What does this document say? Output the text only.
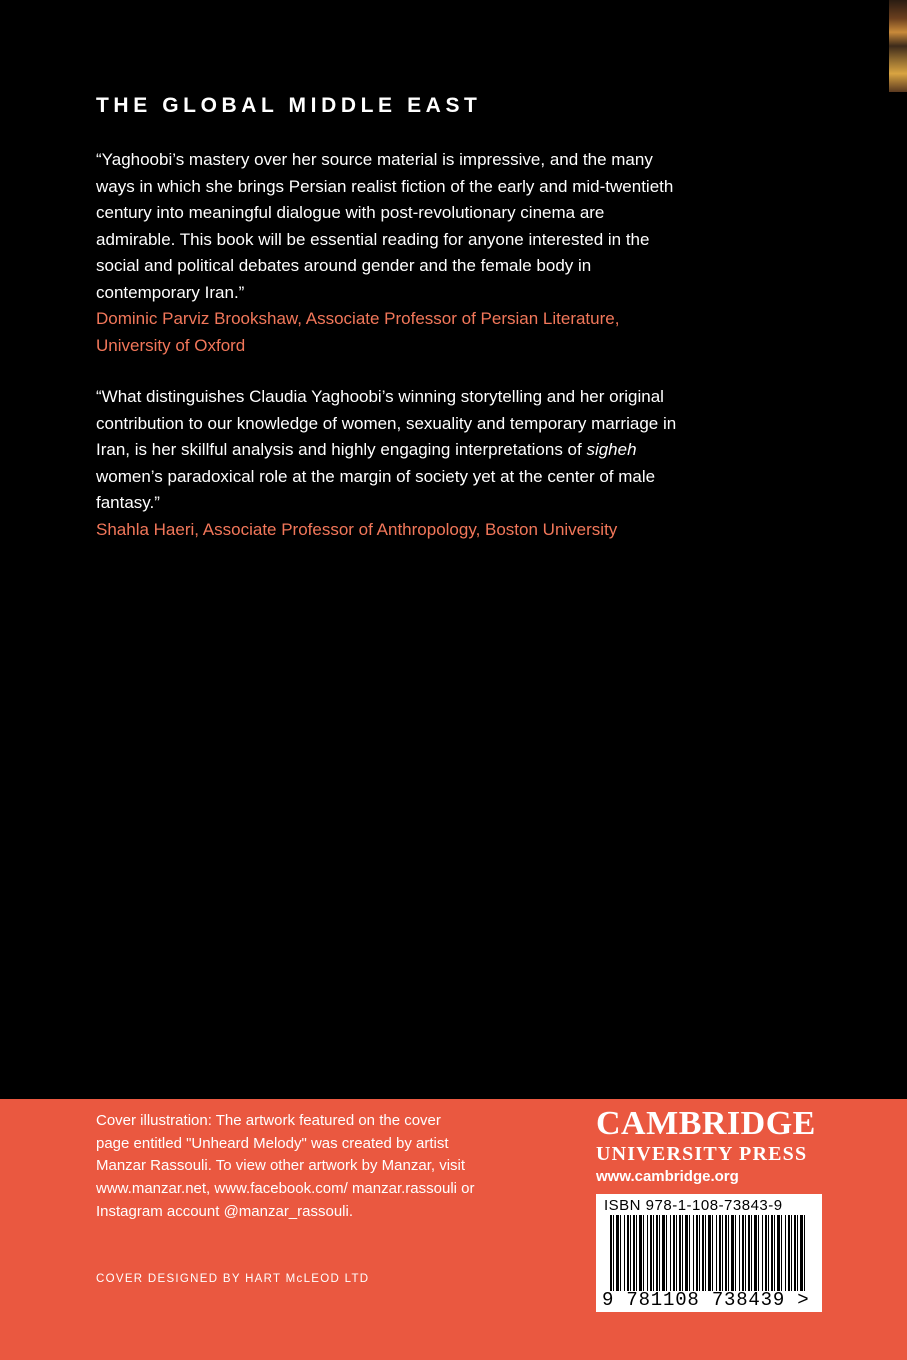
THE GLOBAL MIDDLE EAST

“Yaghoobi’s mastery over her source material is impressive, and the many ways in which she brings Persian realist fiction of the early and mid-twentieth century into meaningful dialogue with post-revolutionary cinema are admirable. This book will be essential reading for anyone interested in the social and political debates around gender and the female body in contemporary Iran.”

Dominic Parviz Brookshaw, Associate Professor of Persian Literature, University of Oxford

“What distinguishes Claudia Yaghoobi’s winning storytelling and her original contribution to our knowledge of women, sexuality and temporary marriage in Iran, is her skillful analysis and highly engaging interpretations of sigheh women’s paradoxical role at the margin of society yet at the center of male fantasy.”

Shahla Haeri, Associate Professor of Anthropology, Boston University

Cover illustration: The artwork featured on the cover page entitled "Unheard Melody" was created by artist Manzar Rassouli. To view other artwork by Manzar, visit www.manzar.net, www.facebook.com/ manzar.rassouli or Instagram account @manzar_rassouli.

COVER DESIGNED BY HART McLEOD LTD
CAMBRIDGE
UNIVERSITY PRESS
www.cambridge.org
ISBN 978-1-108-73843-9
9 781108 738439 >
